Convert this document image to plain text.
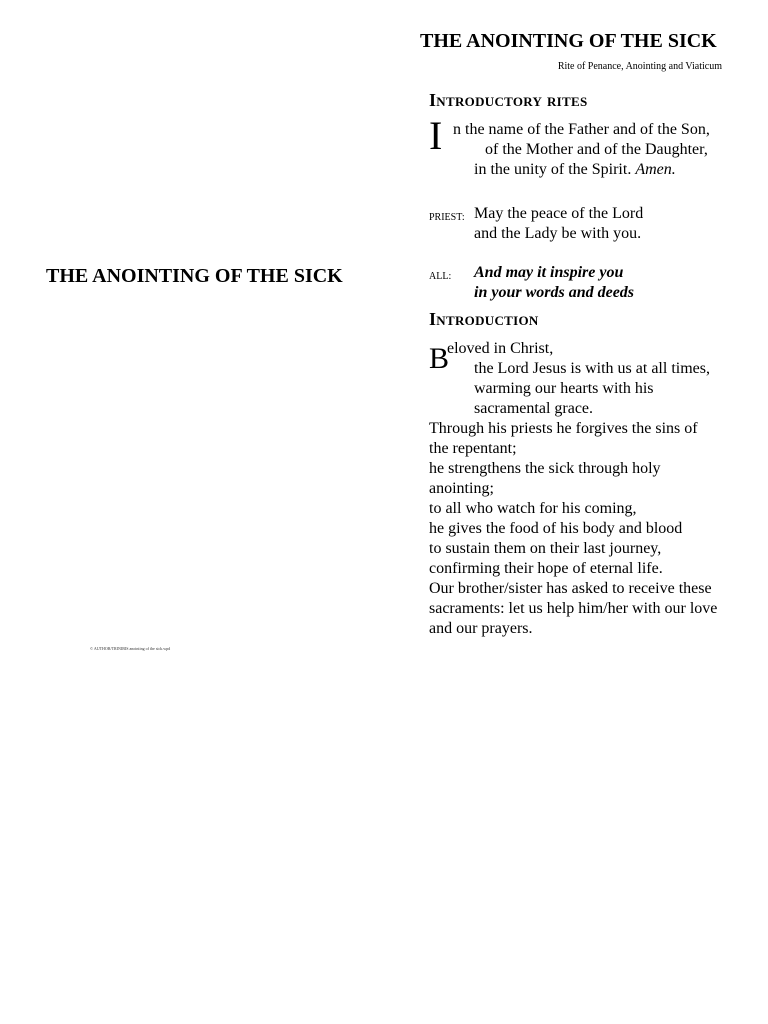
THE ANOINTING OF THE SICK
© AUTHOR/TRINIBIS anointing of the sick.wpd
THE ANOINTING OF THE SICK
Rite of Penance, Anointing and Viaticum
Introductory rites
I n the name of the Father and of the Son,
of the Mother and of the Daughter,
in the unity of the Spirit. Amen.
PRIEST: May the peace of the Lord
and the Lady be with you.
ALL: And may it inspire you
in your words and deeds
Introduction
B
eloved in Christ,
the Lord Jesus is with us at all times,
warming our hearts with his
sacramental grace.
Through his priests he forgives the sins of
the repentant;
he strengthens the sick through holy
anointing;
to all who watch for his coming,
he gives the food of his body and blood
to sustain them on their last journey,
confirming their hope of eternal life.
Our brother/sister has asked to receive these
sacraments: let us help him/her with our love
and our prayers.
